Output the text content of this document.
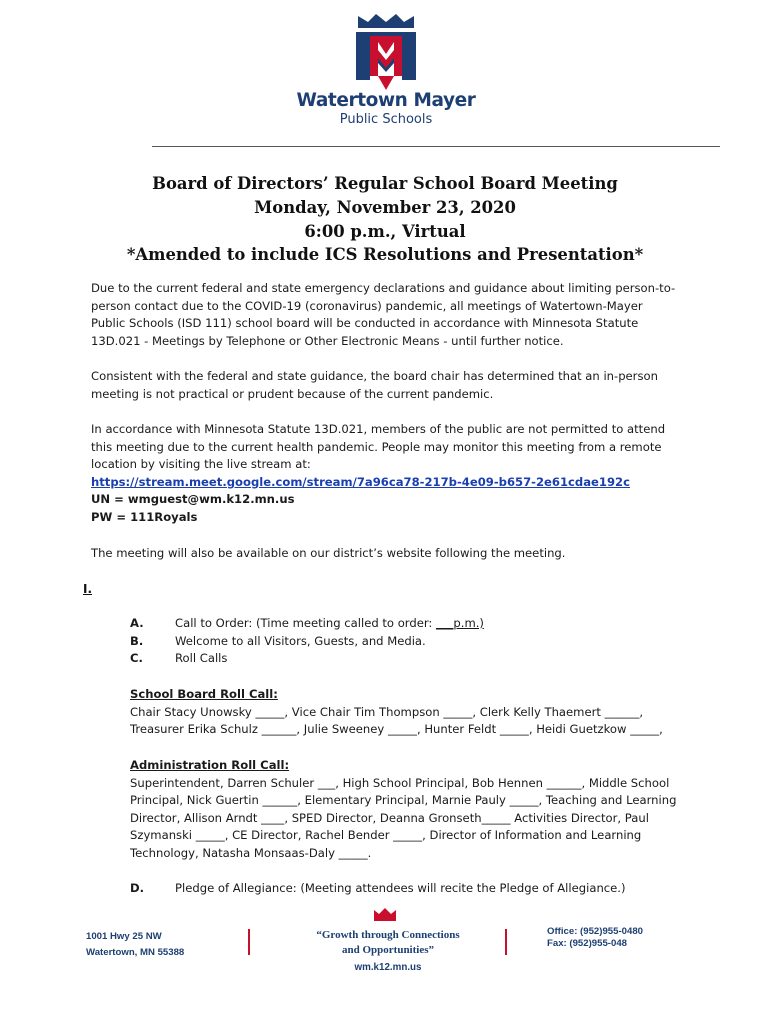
Watertown Mayer
Public Schools
Board of Directors’ Regular School Board Meeting
Monday, November 23, 2020
6:00 p.m., Virtual
*Amended to include ICS Resolutions and Presentation*
Due to the current federal and state emergency declarations and guidance about limiting person-to-
person contact due to the COVID-19 (coronavirus) pandemic, all meetings of Watertown-Mayer
Public Schools (ISD 111) school board will be conducted in accordance with Minnesota Statute
13D.021 - Meetings by Telephone or Other Electronic Means - until further notice.
Consistent with the federal and state guidance, the board chair has determined that an in-person
meeting is not practical or prudent because of the current pandemic.
In accordance with Minnesota Statute 13D.021, members of the public are not permitted to attend
this meeting due to the current health pandemic. People may monitor this meeting from a remote
location by visiting the live stream at:
https://stream.meet.google.com/stream/7a96ca78-217b-4e09-b657-2e61cdae192c
UN = wmguest@wm.k12.mn.us
PW = 111Royals
The meeting will also be available on our district’s website following the meeting.
I.
A.	Call to Order: (Time meeting called to order: ___p.m.)
B.	Welcome to all Visitors, Guests, and Media.
C.	Roll Calls
School Board Roll Call:
Chair Stacy Unowsky _____, Vice Chair Tim Thompson _____, Clerk Kelly Thaemert ______,
Treasurer Erika Schulz ______, Julie Sweeney _____, Hunter Feldt _____, Heidi Guetzkow _____,
Administration Roll Call:
Superintendent, Darren Schuler ___, High School Principal, Bob Hennen ______, Middle School
Principal, Nick Guertin ______, Elementary Principal, Marnie Pauly _____, Teaching and Learning
Director, Allison Arndt ____, SPED Director, Deanna Gronseth_____ Activities Director, Paul
Szymanski _____, CE Director, Rachel Bender _____, Director of Information and Learning
Technology, Natasha Monsaas-Daly _____.
D.	Pledge of Allegiance: (Meeting attendees will recite the Pledge of Allegiance.)
1001 Hwy 25 NW
Watertown, MN 55388
“Growth through Connections
and Opportunities”
wm.k12.mn.us
Office: (952)955-0480
Fax: (952)955-048
